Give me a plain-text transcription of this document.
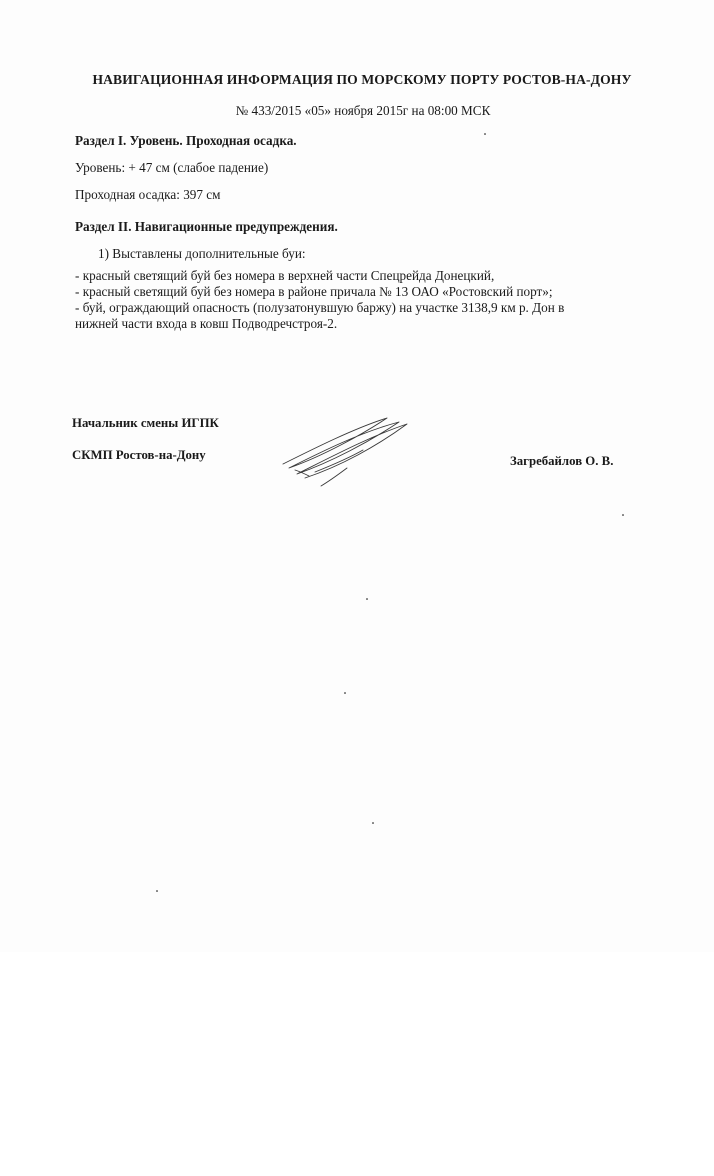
НАВИГАЦИОННАЯ ИНФОРМАЦИЯ ПО МОРСКОМУ ПОРТУ РОСТОВ-НА-ДОНУ
№ 433/2015 «05» ноября 2015г на 08:00 МСК
Раздел I. Уровень. Проходная осадка.
Уровень: + 47 см (слабое падение)
Проходная осадка: 397 см
Раздел II. Навигационные предупреждения.
1) Выставлены дополнительные буи:
- красный светящий буй без номера в верхней части Спецрейда Донецкий,
- красный светящий буй без номера в районе причала № 13 ОАО «Ростовский порт»;
- буй, ограждающий опасность (полузатонувшую баржу) на участке 3138,9 км р. Дон в
нижней части входа в ковш Подводречстроя-2.
Начальник смены ИГПК
СКМП Ростов-на-Дону	Загребайлов О. В.
